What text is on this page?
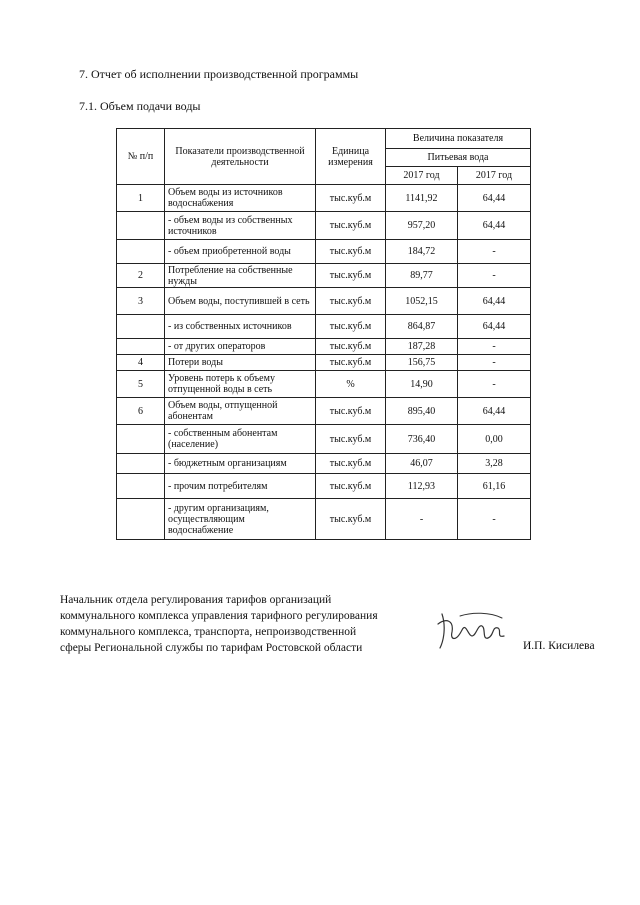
7. Отчет об исполнении производственной программы
7.1. Объем подачи воды
№ п/п	Показатели производственной деятельности	Единица измерения	Величина показателя	
			Питьевая вода	
			2017 год	2017 год
1	Объем воды из источников водоснабжения	тыс.куб.м	1141,92	64,44
	- объем воды из собственных источников	тыс.куб.м	957,20	64,44
	- объем приобретенной воды	тыс.куб.м	184,72	-
2	Потребление на собственные нужды	тыс.куб.м	89,77	-
3	Объем воды, поступившей в сеть	тыс.куб.м	1052,15	64,44
	- из собственных источников	тыс.куб.м	864,87	64,44
	- от других операторов	тыс.куб.м	187,28	-
4	Потери воды	тыс.куб.м	156,75	-
5	Уровень потерь к объему отпущенной воды в сеть	%	14,90	-
6	Объем воды, отпущенной абонентам	тыс.куб.м	895,40	64,44
	- собственным абонентам (население)	тыс.куб.м	736,40	0,00
	- бюджетным организациям	тыс.куб.м	46,07	3,28
	- прочим потребителям	тыс.куб.м	112,93	61,16
	- другим организациям, осуществляющим водоснабжение	тыс.куб.м	-	-
Начальник отдела регулирования тарифов организаций
коммунального комплекса управления тарифного регулирования
коммунального комплекса, транспорта, непроизводственной
сферы Региональной службы по тарифам Ростовской области	И.П. Кисилева
